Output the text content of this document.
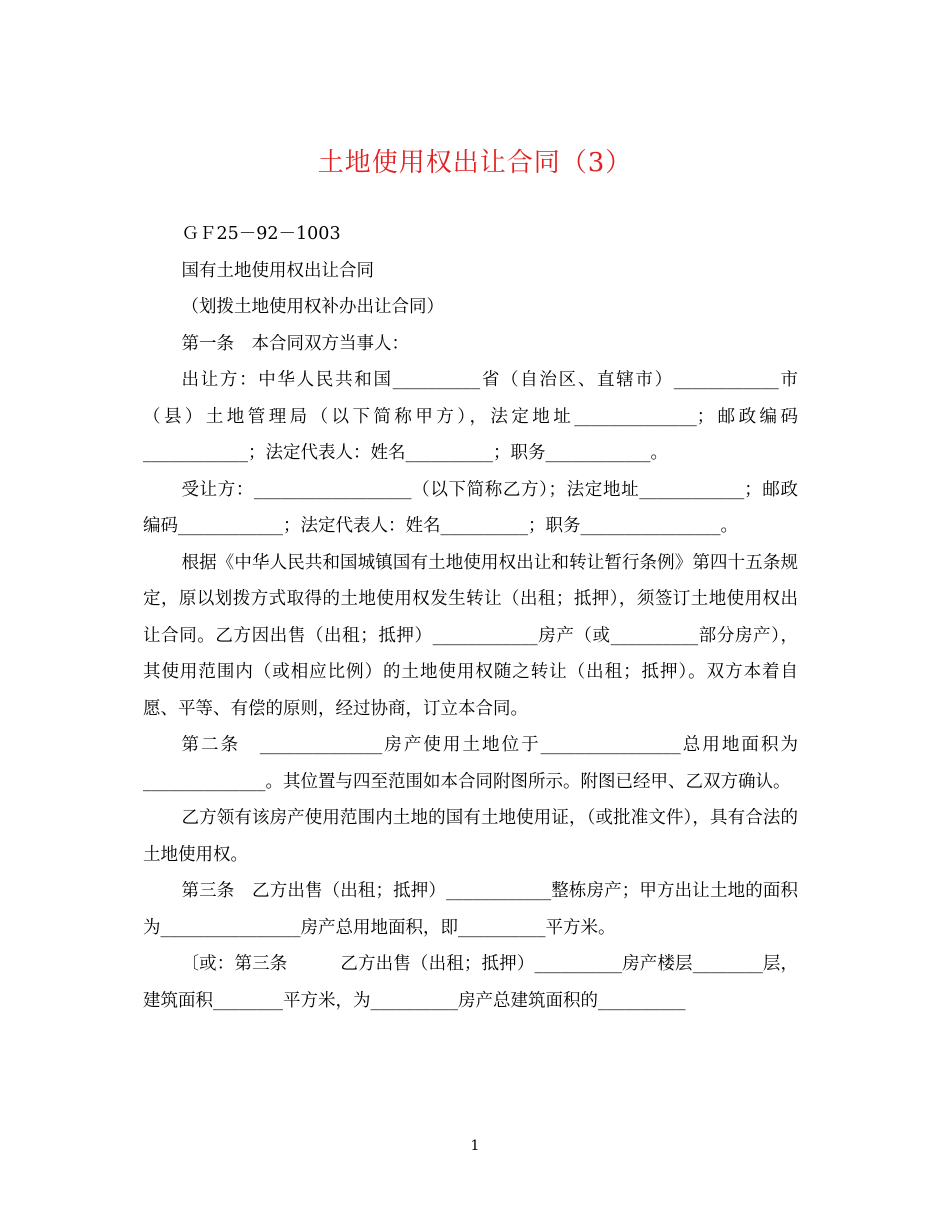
土地使用权出让合同（3）

ＧＦ25－92－1003

国有土地使用权出让合同

（划拨土地使用权补办出让合同）

第一条　本合同双方当事人：

出让方：中华人民共和国__________省（自治区、直辖市）____________市（县）土地管理局（以下简称甲方），法定地址______________；邮政编码____________；法定代表人：姓名__________；职务____________。

受让方：__________________（以下简称乙方）；法定地址____________；邮政编码____________；法定代表人：姓名__________；职务________________。

根据《中华人民共和国城镇国有土地使用权出让和转让暂行条例》第四十五条规定，原以划拨方式取得的土地使用权发生转让（出租；抵押），须签订土地使用权出让合同。乙方因出售（出租；抵押）____________房产（或__________部分房产），其使用范围内（或相应比例）的土地使用权随之转让（出租；抵押）。双方本着自愿、平等、有偿的原则，经过协商，订立本合同。

第二条　______________房产使用土地位于________________总用地面积为______________。其位置与四至范围如本合同附图所示。附图已经甲、乙双方确认。

乙方领有该房产使用范围内土地的国有土地使用证，（或批准文件），具有合法的土地使用权。

第三条　乙方出售（出租；抵押）____________整栋房产；甲方出让土地的面积为________________房产总用地面积，即__________平方米。

〔或：第三条　　　乙方出售（出租；抵押）__________房产楼层________层，建筑面积________平方米，为__________房产总建筑面积的__________

1
